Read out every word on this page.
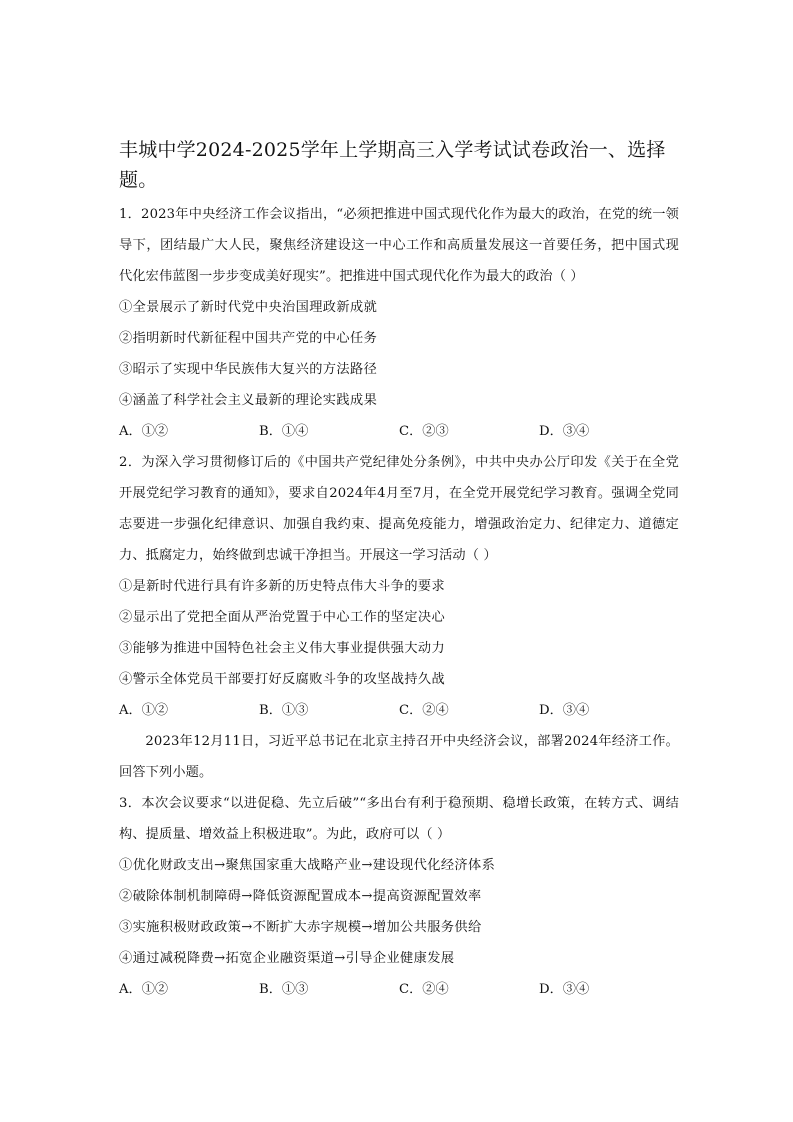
丰城中学2024-2025学年上学期高三入学考试试卷政治一、选择题。

1．2023年中央经济工作会议指出，“必须把推进中国式现代化作为最大的政治，在党的统一领导下，团结最广大人民，聚焦经济建设这一中心工作和高质量发展这一首要任务，把中国式现代化宏伟蓝图一步步变成美好现实”。把推进中国式现代化作为最大的政治（ ）

①全景展示了新时代党中央治国理政新成就

②指明新时代新征程中国共产党的中心任务

③昭示了实现中华民族伟大复兴的方法路径

④涵盖了科学社会主义最新的理论实践成果

A．①②	B．①④	C．②③	D．③④

2．为深入学习贯彻修订后的《中国共产党纪律处分条例》，中共中央办公厅印发《关于在全党开展党纪学习教育的通知》，要求自2024年4月至7月，在全党开展党纪学习教育。强调全党同志要进一步强化纪律意识、加强自我约束、提高免疫能力，增强政治定力、纪律定力、道德定力、抵腐定力，始终做到忠诚干净担当。开展这一学习活动（ ）

①是新时代进行具有许多新的历史特点伟大斗争的要求

②显示出了党把全面从严治党置于中心工作的坚定决心

③能够为推进中国特色社会主义伟大事业提供强大动力

④警示全体党员干部要打好反腐败斗争的攻坚战持久战

A．①②	B．①③	C．②④	D．③④

2023年12月11日，习近平总书记在北京主持召开中央经济会议，部署2024年经济工作。回答下列小题。

3．本次会议要求“以进促稳、先立后破”“多出台有利于稳预期、稳增长政策，在转方式、调结构、提质量、增效益上积极进取”。为此，政府可以（ ）

①优化财政支出→聚焦国家重大战略产业→建设现代化经济体系

②破除体制机制障碍→降低资源配置成本→提高资源配置效率

③实施积极财政政策→不断扩大赤字规模→增加公共服务供给

④通过减税降费→拓宽企业融资渠道→引导企业健康发展

A．①②	B．①③	C．②④	D．③④
